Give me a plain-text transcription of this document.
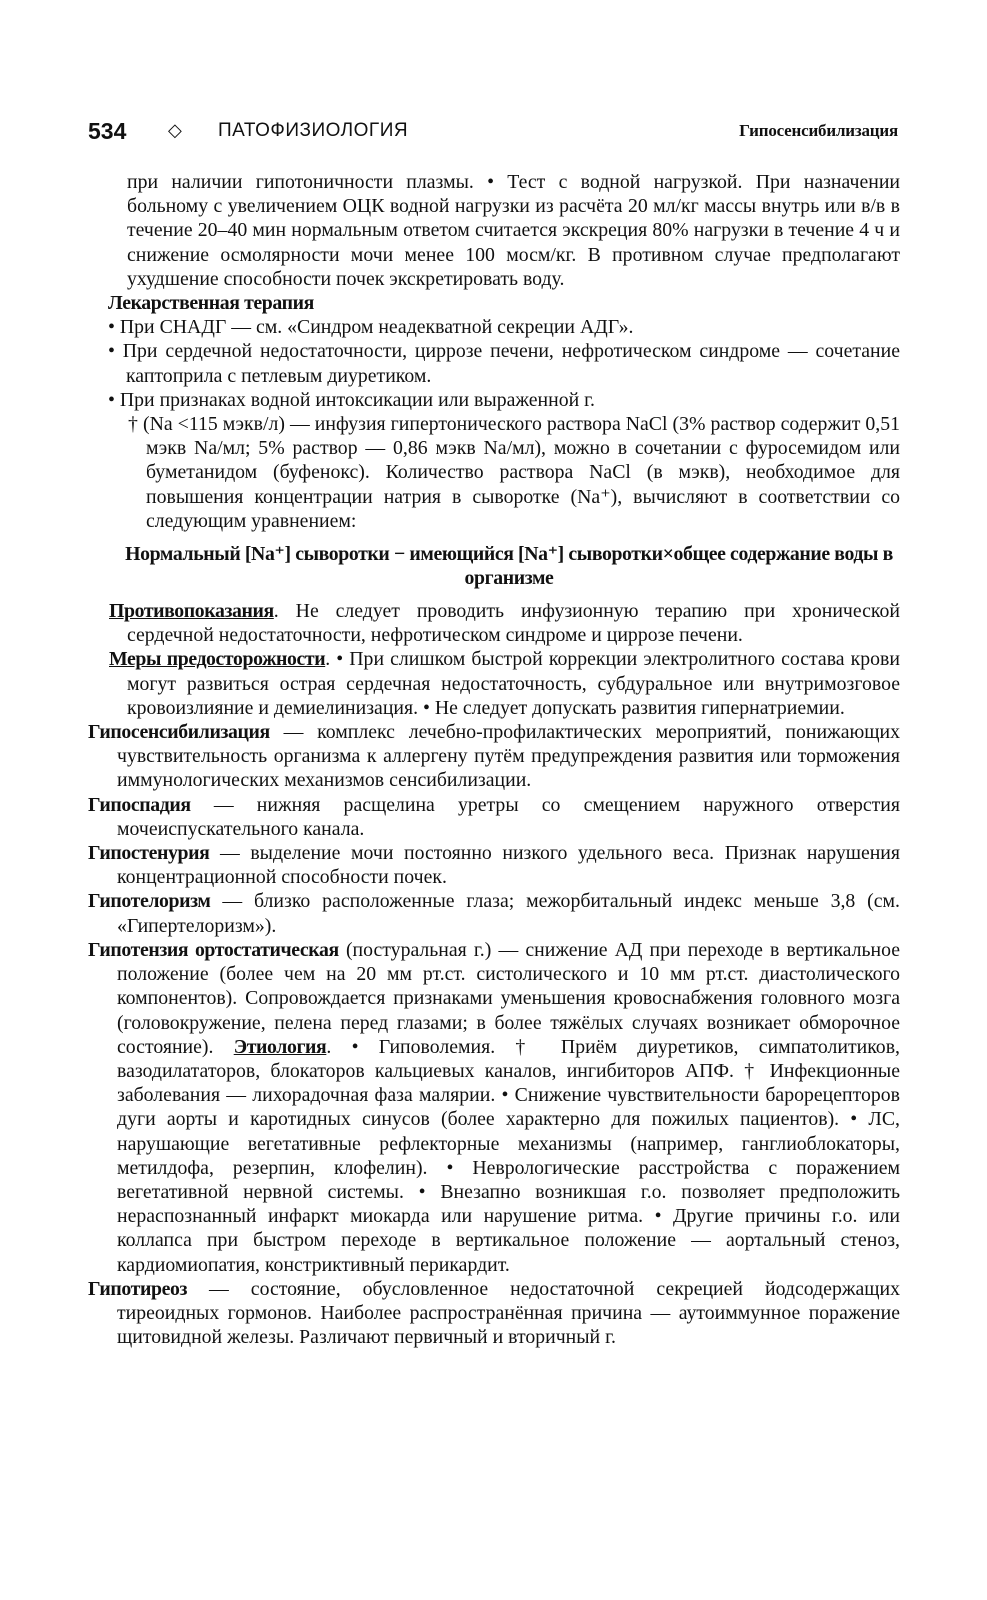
534 ◇ ПАТОФИЗИОЛОГИЯ	Гипосенсибилизация

при наличии гипотоничности плазмы. • Тест с водной нагрузкой. При назначении больному с увеличением ОЦК водной нагрузки из расчёта 20 мл/кг массы внутрь или в/в в течение 20–40 мин нормальным ответом считается экскреция 80% нагрузки в течение 4 ч и снижение осмолярности мочи менее 100 мосм/кг. В противном случае предполагают ухудшение способности почек экскретировать воду.

Лекарственная терапия

• При СНАДГ — см. «Синдром неадекватной секреции АДГ».

• При сердечной недостаточности, циррозе печени, нефротическом синдроме — сочетание каптоприла с петлевым диуретиком.

• При признаках водной интоксикации или выраженной г.

† (Na <115 мэкв/л) — инфузия гипертонического раствора NaCl (3% раствор содержит 0,51 мэкв Na/мл; 5% раствор — 0,86 мэкв Na/мл), можно в сочетании с фуросемидом или буметанидом (буфенокс). Количество раствора NaCl (в мэкв), необходимое для повышения концентрации натрия в сыворотке (Na⁺), вычисляют в соответствии со следующим уравнением:

Нормальный [Na⁺] сыворотки − имеющийся [Na⁺] сыворотки×общее содержание воды в организме

Противопоказания. Не следует проводить инфузионную терапию при хронической сердечной недостаточности, нефротическом синдроме и циррозе печени.

Меры предосторожности. • При слишком быстрой коррекции электролитного состава крови могут развиться острая сердечная недостаточность, субдуральное или внутримозговое кровоизлияние и демиелинизация. • Не следует допускать развития гипернатриемии.

Гипосенсибилизация — комплекс лечебно-профилактических мероприятий, понижающих чувствительность организма к аллергену путём предупреждения развития или торможения иммунологических механизмов сенсибилизации.

Гипоспадия — нижняя расщелина уретры со смещением наружного отверстия мочеиспускательного канала.

Гипостенурия — выделение мочи постоянно низкого удельного веса. Признак нарушения концентрационной способности почек.

Гипотелоризм — близко расположенные глаза; межорбитальный индекс меньше 3,8 (см. «Гипертелоризм»).

Гипотензия ортостатическая (постуральная г.) — снижение АД при переходе в вертикальное положение (более чем на 20 мм рт.ст. систолического и 10 мм рт.ст. диастолического компонентов). Сопровождается признаками уменьшения кровоснабжения головного мозга (головокружение, пелена перед глазами; в более тяжёлых случаях возникает обморочное состояние). Этиология. • Гиповолемия. † Приём диуретиков, симпатолитиков, вазодилататоров, блокаторов кальциевых каналов, ингибиторов АПФ. † Инфекционные заболевания — лихорадочная фаза малярии. • Снижение чувствительности барорецепторов дуги аорты и каротидных синусов (более характерно для пожилых пациентов). • ЛС, нарушающие вегетативные рефлекторные механизмы (например, ганглиоблокаторы, метилдофа, резерпин, клофелин). • Неврологические расстройства с поражением вегетативной нервной системы. • Внезапно возникшая г.о. позволяет предположить нераспознанный инфаркт миокарда или нарушение ритма. • Другие причины г.о. или коллапса при быстром переходе в вертикальное положение — аортальный стеноз, кардиомиопатия, констриктивный перикардит.

Гипотиреоз — состояние, обусловленное недостаточной секрецией йодсодержащих тиреоидных гормонов. Наиболее распространённая причина — аутоиммунное поражение щитовидной железы. Различают первичный и вторичный г.
